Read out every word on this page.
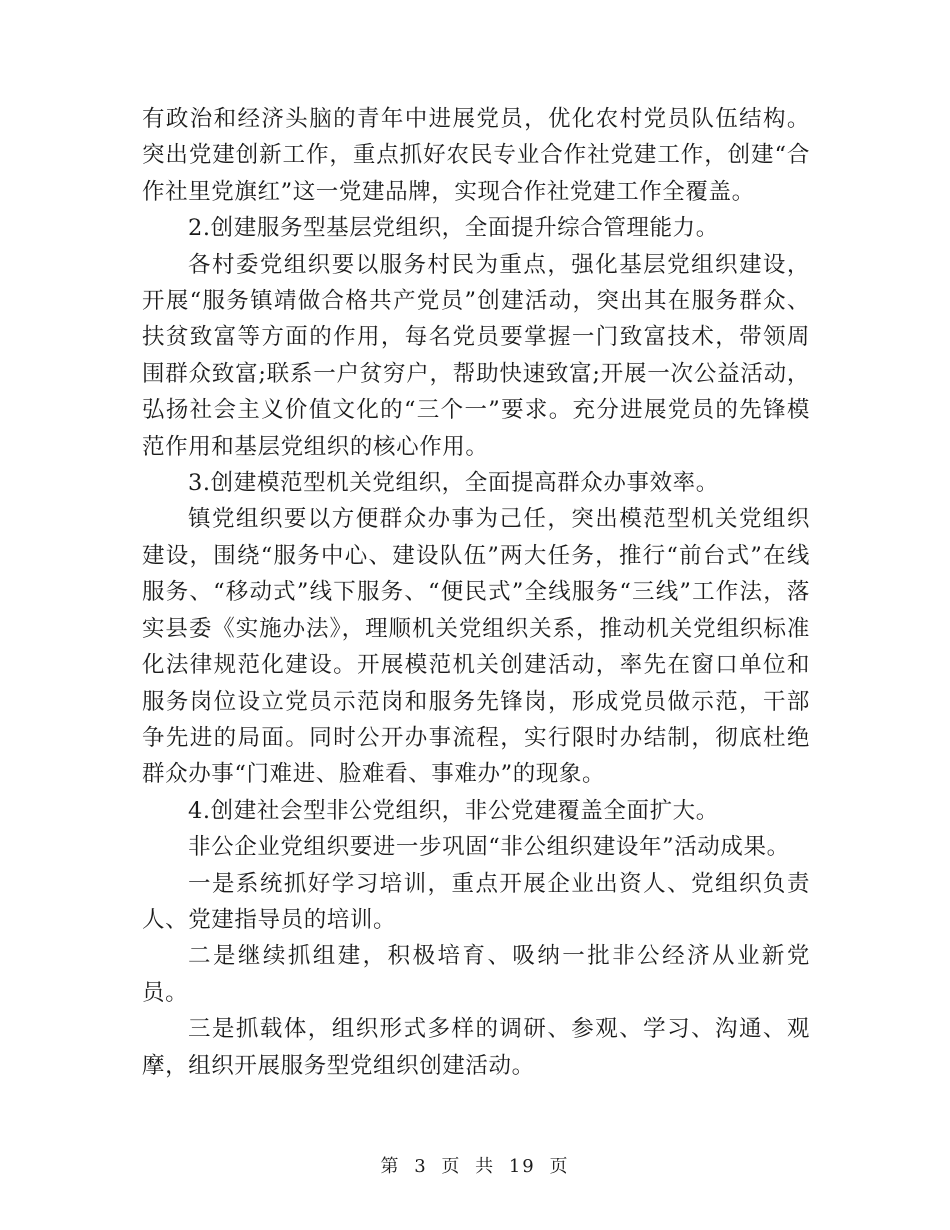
有政治和经济头脑的青年中进展党员，优化农村党员队伍结构。突出党建创新工作，重点抓好农民专业合作社党建工作，创建“合作社里党旗红”这一党建品牌，实现合作社党建工作全覆盖。

2.创建服务型基层党组织，全面提升综合管理能力。

各村委党组织要以服务村民为重点，强化基层党组织建设，开展“服务镇靖做合格共产党员”创建活动，突出其在服务群众、扶贫致富等方面的作用，每名党员要掌握一门致富技术，带领周围群众致富;联系一户贫穷户，帮助快速致富;开展一次公益活动，弘扬社会主义价值文化的“三个一”要求。充分进展党员的先锋模范作用和基层党组织的核心作用。

3.创建模范型机关党组织，全面提高群众办事效率。

镇党组织要以方便群众办事为己任，突出模范型机关党组织建设，围绕“服务中心、建设队伍”两大任务，推行“前台式”在线服务、“移动式”线下服务、“便民式”全线服务“三线”工作法，落实县委《实施办法》，理顺机关党组织关系，推动机关党组织标准化法律规范化建设。开展模范机关创建活动，率先在窗口单位和服务岗位设立党员示范岗和服务先锋岗，形成党员做示范，干部争先进的局面。同时公开办事流程，实行限时办结制，彻底杜绝群众办事“门难进、脸难看、事难办”的现象。

4.创建社会型非公党组织，非公党建覆盖全面扩大。

非公企业党组织要进一步巩固“非公组织建设年”活动成果。

一是系统抓好学习培训，重点开展企业出资人、党组织负责人、党建指导员的培训。

二是继续抓组建，积极培育、吸纳一批非公经济从业新党员。

三是抓载体，组织形式多样的调研、参观、学习、沟通、观摩，组织开展服务型党组织创建活动。

第 3 页 共 19 页
